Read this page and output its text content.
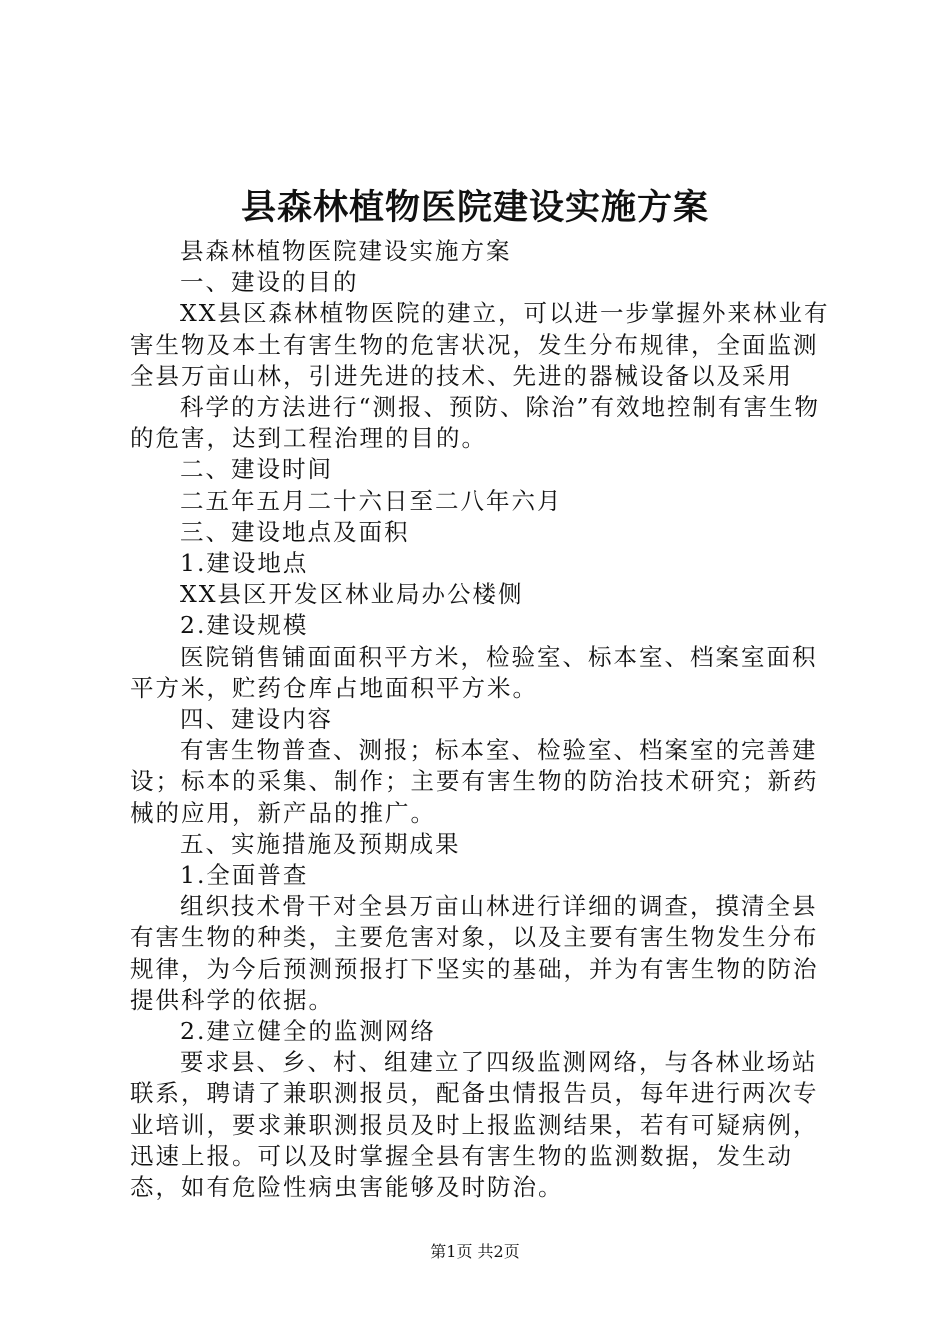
县森林植物医院建设实施方案

县森林植物医院建设实施方案

一、建设的目的

XX县区森林植物医院的建立，可以进一步掌握外来林业有害生物及本土有害生物的危害状况，发生分布规律，全面监测全县万亩山林，引进先进的技术、先进的器械设备以及采用

科学的方法进行“测报、预防、除治”有效地控制有害生物的危害，达到工程治理的目的。

二、建设时间

二五年五月二十六日至二八年六月

三、建设地点及面积

1.建设地点

XX县区开发区林业局办公楼侧

2.建设规模

医院销售铺面面积平方米，检验室、标本室、档案室面积平方米，贮药仓库占地面积平方米。

四、建设内容

有害生物普查、测报；标本室、检验室、档案室的完善建设；标本的采集、制作；主要有害生物的防治技术研究；新药械的应用，新产品的推广。

五、实施措施及预期成果

1.全面普查

组织技术骨干对全县万亩山林进行详细的调查，摸清全县有害生物的种类，主要危害对象，以及主要有害生物发生分布规律，为今后预测预报打下坚实的基础，并为有害生物的防治提供科学的依据。

2.建立健全的监测网络

要求县、乡、村、组建立了四级监测网络，与各林业场站联系，聘请了兼职测报员，配备虫情报告员，每年进行两次专业培训，要求兼职测报员及时上报监测结果，若有可疑病例，迅速上报。可以及时掌握全县有害生物的监测数据，发生动态，如有危险性病虫害能够及时防治。

第1页 共2页
